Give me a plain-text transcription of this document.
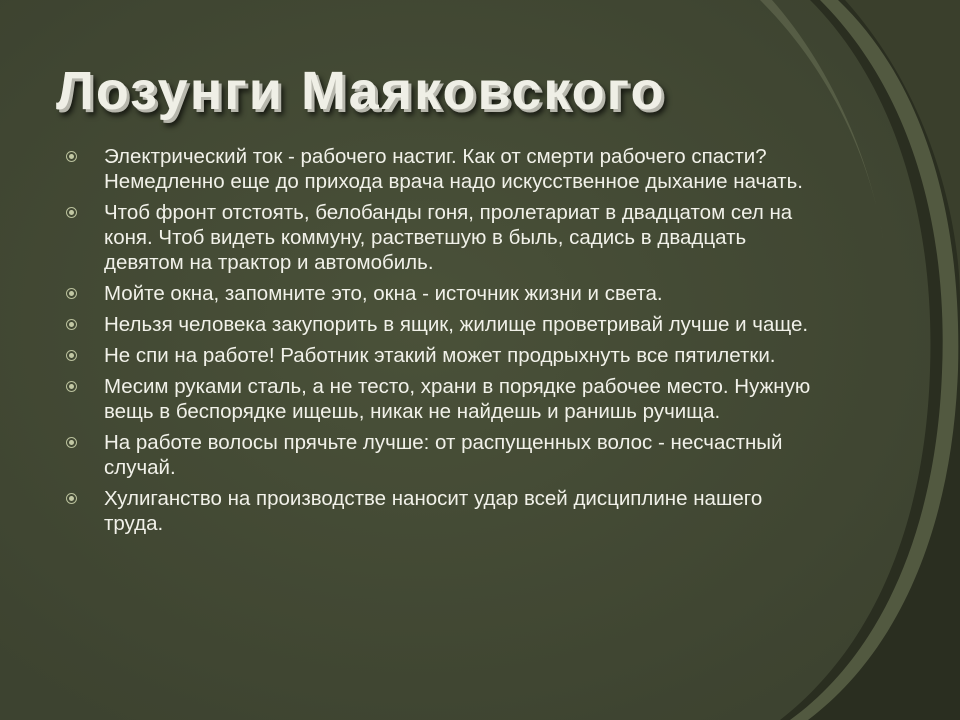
Лозунги Маяковского
Электрический ток - рабочего настиг. Как от смерти рабочего спасти? Немедленно еще до прихода врача надо искусственное дыхание начать.
Чтоб фронт отстоять, белобанды гоня, пролетариат в двадцатом сел на коня. Чтоб видеть коммуну, растветшую в быль, садись в двадцать девятом на трактор и автомобиль.
Мойте окна, запомните это, окна - источник жизни и света.
Нельзя человека закупорить в ящик, жилище проветривай лучше и чаще.
Не спи на работе! Работник этакий может продрыхнуть все пятилетки.
Месим руками сталь, а не тесто, храни в порядке рабочее место. Нужную вещь в беспорядке ищешь, никак не найдешь и ранишь ручища.
На работе волосы прячьте лучше: от распущенных волос - несчастный случай.
Хулиганство на производстве наносит удар всей дисциплине нашего труда.
